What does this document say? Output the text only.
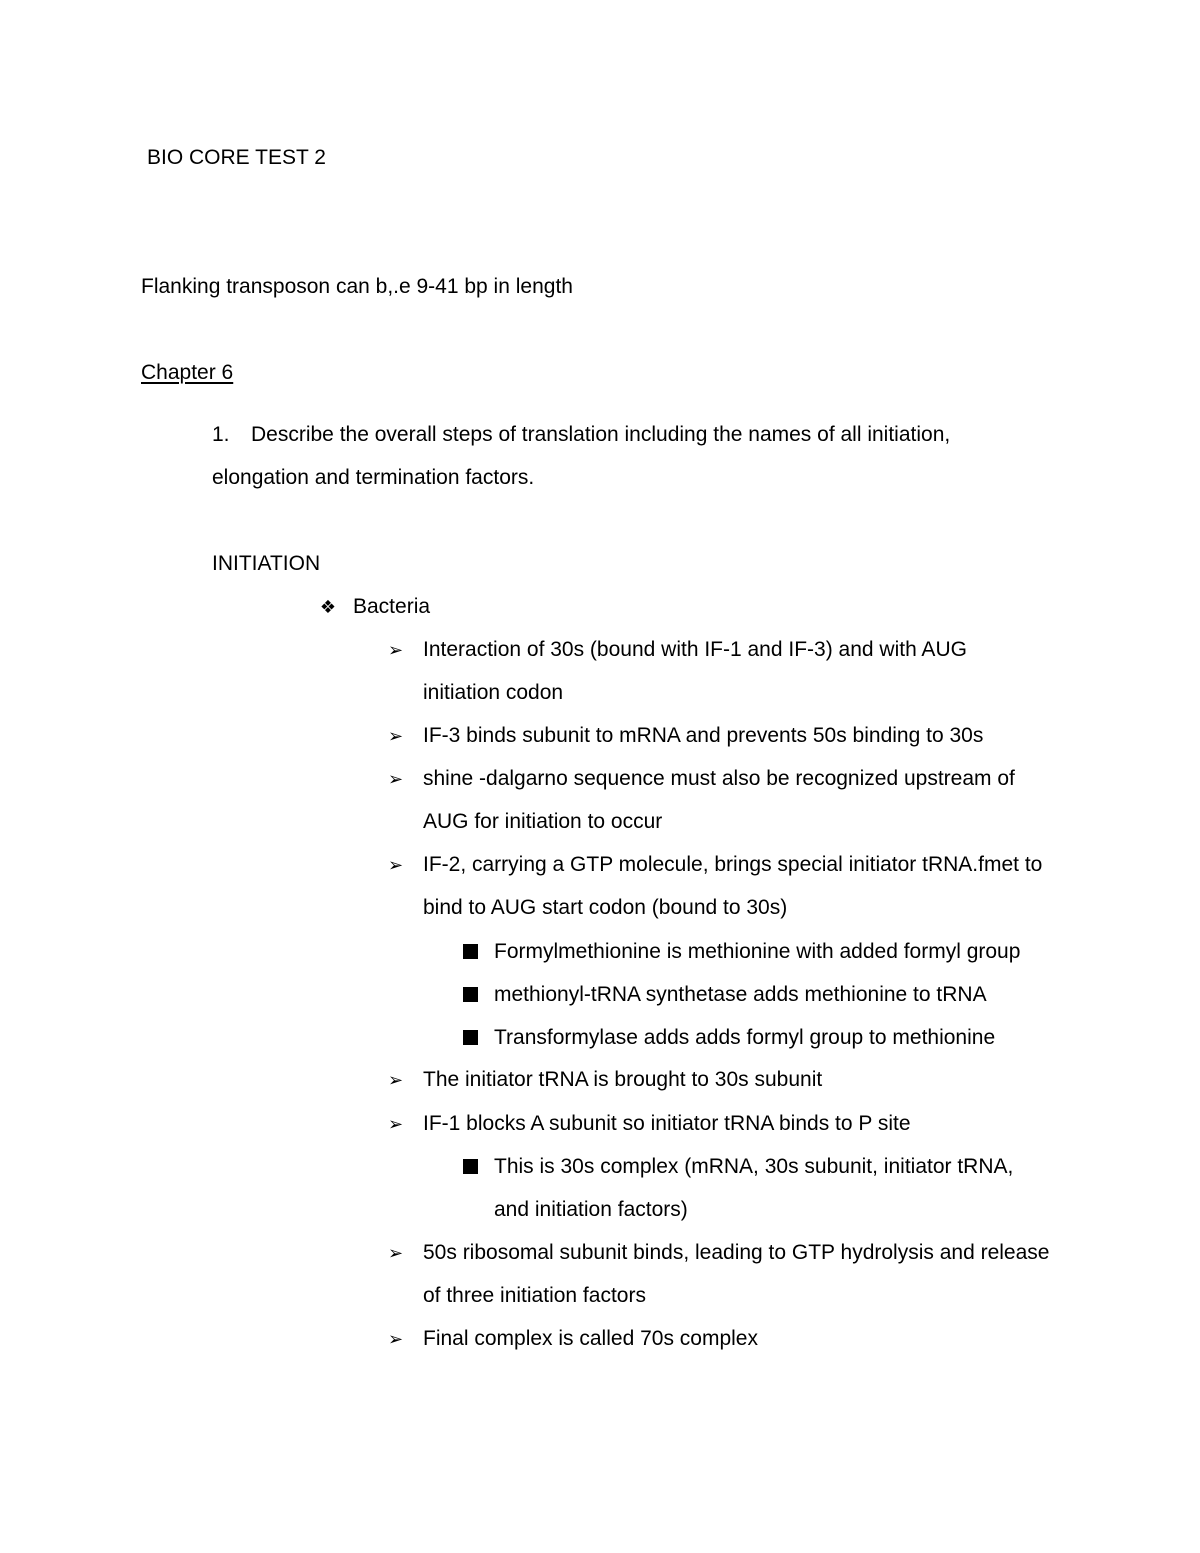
BIO CORE TEST 2
Flanking transposon can b,.e 9-41 bp in length
Chapter 6
1. Describe the overall steps of translation including the names of all initiation,
elongation and termination factors.
INITIATION
❖ Bacteria
➢ Interaction of 30s (bound with IF-1 and IF-3) and with AUG
initiation codon
➢ IF-3 binds subunit to mRNA and prevents 50s binding to 30s
➢ shine -dalgarno sequence must also be recognized upstream of
AUG for initiation to occur
➢ IF-2, carrying a GTP molecule, brings special initiator tRNA.fmet to
bind to AUG start codon (bound to 30s)
Formylmethionine is methionine with added formyl group
methionyl-tRNA synthetase adds methionine to tRNA
Transformylase adds adds formyl group to methionine
➢ The initiator tRNA is brought to 30s subunit
➢ IF-1 blocks A subunit so initiator tRNA binds to P site
This is 30s complex (mRNA, 30s subunit, initiator tRNA,
and initiation factors)
➢ 50s ribosomal subunit binds, leading to GTP hydrolysis and release
of three initiation factors
➢ Final complex is called 70s complex
